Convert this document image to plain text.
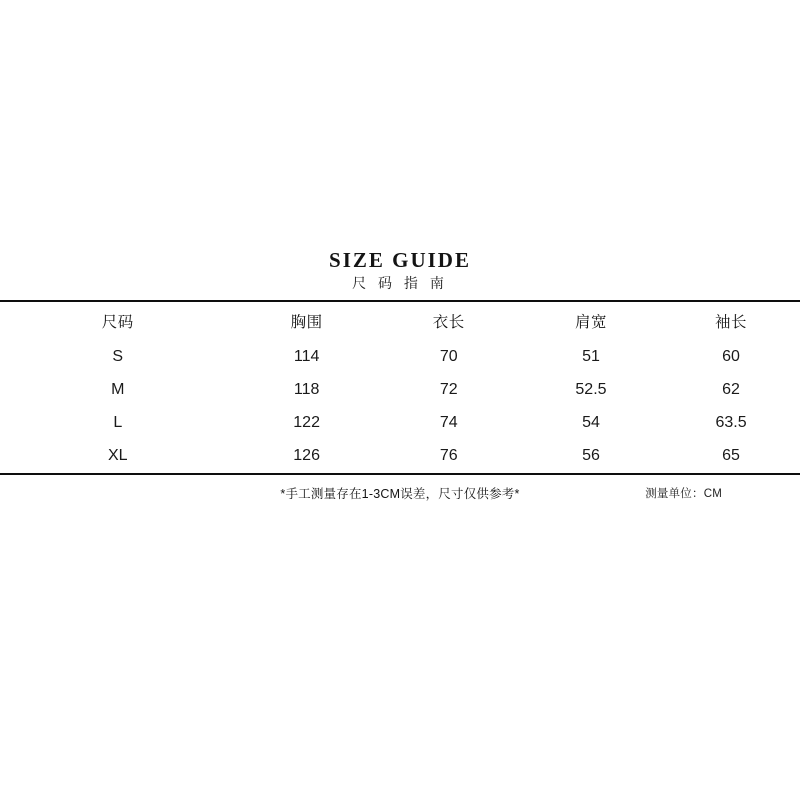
SIZE GUIDE
尺 码 指 南
尺码	胸围	衣长	肩宽	袖长
S	114	70	51	60
M	118	72	52.5	62
L	122	74	54	63.5
XL	126	76	56	65
*手工测量存在1-3CM误差，尺寸仅供参考*	测量单位：CM
